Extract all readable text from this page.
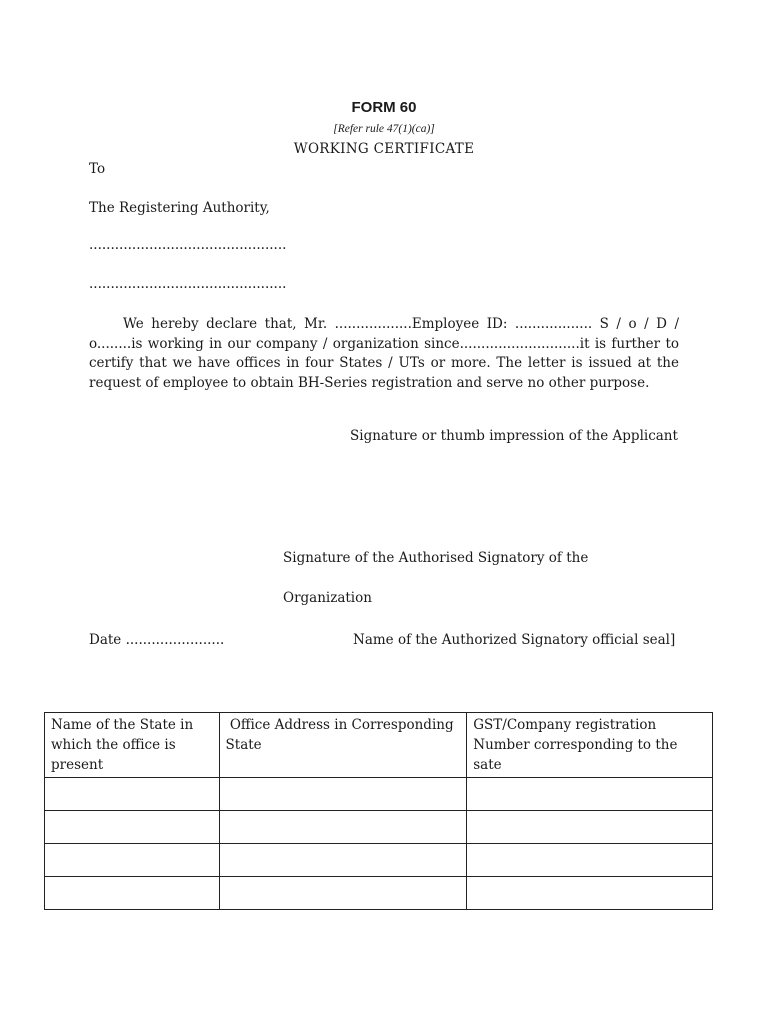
FORM 60

[Refer rule 47(1)(ca)]

WORKING CERTIFICATE

To

The Registering Authority,

..............................................

..............................................

We hereby declare that, Mr. ..................Employee ID: .................. S / o / D / o........is working in our company / organization since............................it is further to certify that we have offices in four States / UTs or more. The letter is issued at the request of employee to obtain BH-Series registration and serve no other purpose.

Signature or thumb impression of the Applicant

Signature of the Authorised Signatory of the

Organization

Date .......................	Name of the Authorized Signatory official seal]

Name of the State in which the office is present	Office Address in Corresponding State	GST/Company registration Number corresponding to the sate
